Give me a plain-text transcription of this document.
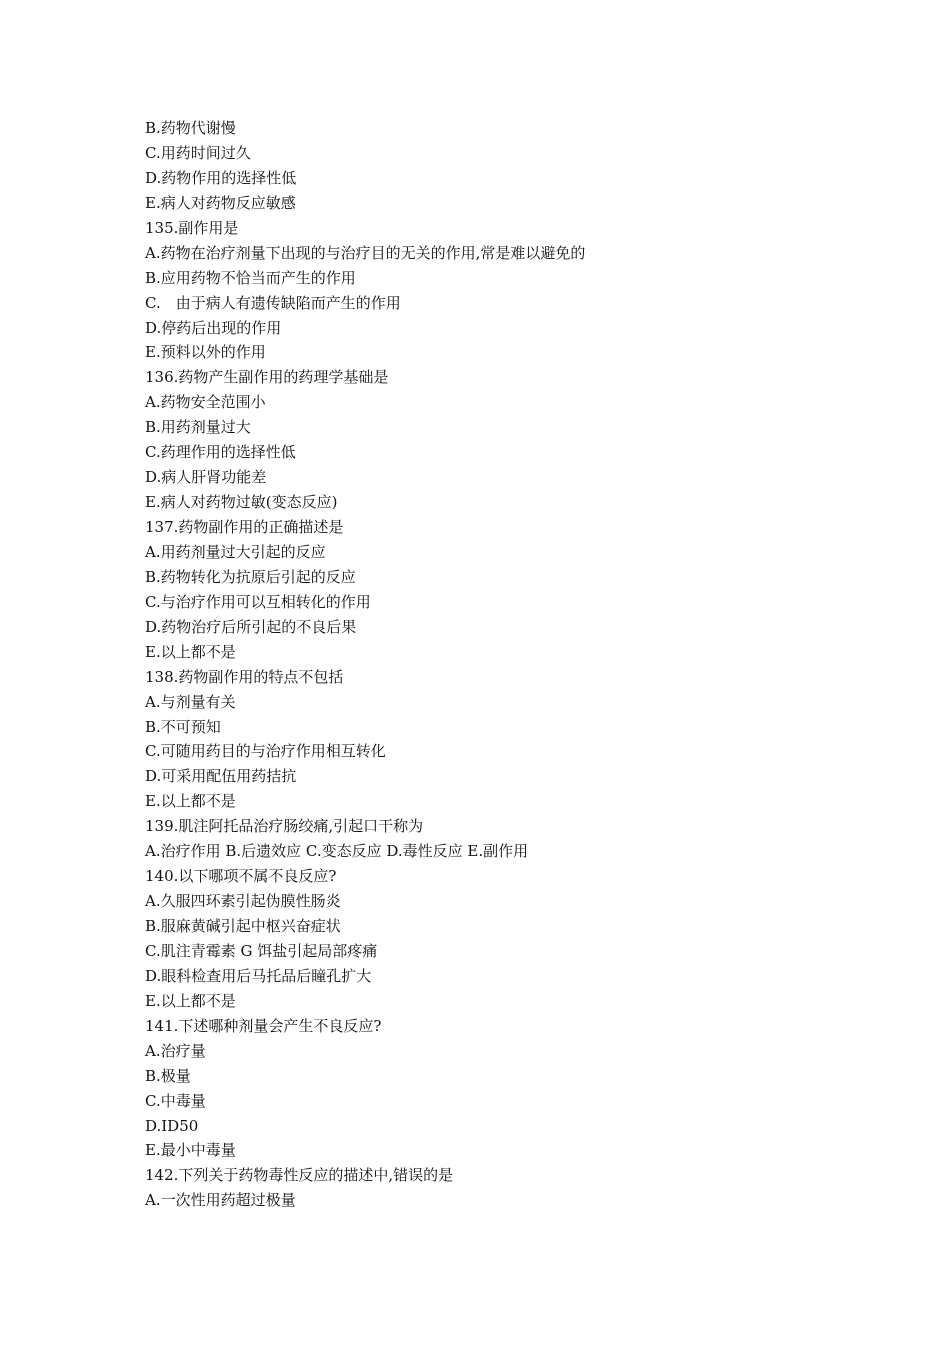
B.药物代谢慢

C.用药时间过久

D.药物作用的选择性低

E.病人对药物反应敏感

135.副作用是

A.药物在治疗剂量下出现的与治疗目的无关的作用,常是难以避免的

B.应用药物不恰当而产生的作用

C.　由于病人有遗传缺陷而产生的作用

D.停药后出现的作用

E.预料以外的作用

136.药物产生副作用的药理学基础是

A.药物安全范围小

B.用药剂量过大

C.药理作用的选择性低

D.病人肝肾功能差

E.病人对药物过敏(变态反应)

137.药物副作用的正确描述是

A.用药剂量过大引起的反应

B.药物转化为抗原后引起的反应

C.与治疗作用可以互相转化的作用

D.药物治疗后所引起的不良后果

E.以上都不是

138.药物副作用的特点不包括

A.与剂量有关

B.不可预知

C.可随用药目的与治疗作用相互转化

D.可采用配伍用药拮抗

E.以上都不是

139.肌注阿托品治疗肠绞痛,引起口干称为

A.治疗作用 B.后遗效应 C.变态反应 D.毒性反应 E.副作用

140.以下哪项不属不良反应?

A.久服四环素引起伪膜性肠炎

B.服麻黄碱引起中枢兴奋症状

C.肌注青霉素 G 饵盐引起局部疼痛

D.眼科检查用后马托品后瞳孔扩大

E.以上都不是

141.下述哪种剂量会产生不良反应?

A.治疗量

B.极量

C.中毒量

D.ID50

E.最小中毒量

142.下列关于药物毒性反应的描述中,错误的是

A.一次性用药超过极量
